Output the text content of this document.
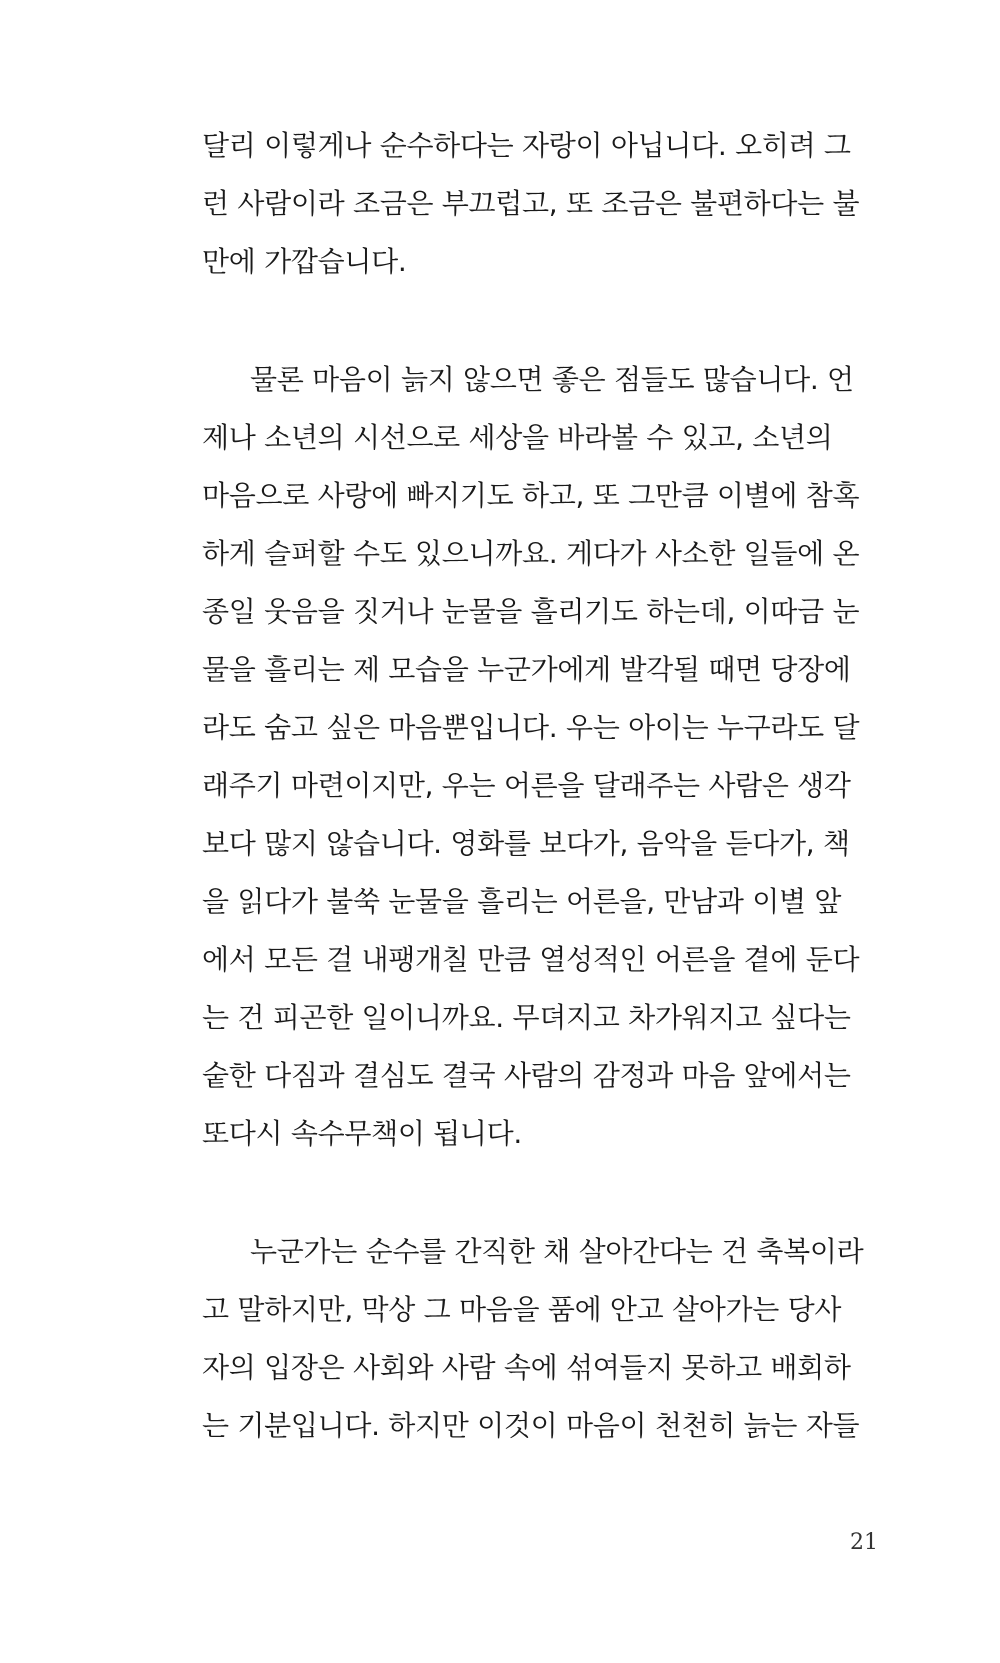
달리 이렇게나 순수하다는 자랑이 아닙니다. 오히려 그
런 사람이라 조금은 부끄럽고, 또 조금은 불편하다는 불
만에 가깝습니다.
물론 마음이 늙지 않으면 좋은 점들도 많습니다. 언
제나 소년의 시선으로 세상을 바라볼 수 있고, 소년의
마음으로 사랑에 빠지기도 하고, 또 그만큼 이별에 참혹
하게 슬퍼할 수도 있으니까요. 게다가 사소한 일들에 온
종일 웃음을 짓거나 눈물을 흘리기도 하는데, 이따금 눈
물을 흘리는 제 모습을 누군가에게 발각될 때면 당장에
라도 숨고 싶은 마음뿐입니다. 우는 아이는 누구라도 달
래주기 마련이지만, 우는 어른을 달래주는 사람은 생각
보다 많지 않습니다. 영화를 보다가, 음악을 듣다가, 책
을 읽다가 불쑥 눈물을 흘리는 어른을, 만남과 이별 앞
에서 모든 걸 내팽개칠 만큼 열성적인 어른을 곁에 둔다
는 건 피곤한 일이니까요. 무뎌지고 차가워지고 싶다는
숱한 다짐과 결심도 결국 사람의 감정과 마음 앞에서는
또다시 속수무책이 됩니다.
누군가는 순수를 간직한 채 살아간다는 건 축복이라
고 말하지만, 막상 그 마음을 품에 안고 살아가는 당사
자의 입장은 사회와 사람 속에 섞여들지 못하고 배회하
는 기분입니다. 하지만 이것이 마음이 천천히 늙는 자들
21
